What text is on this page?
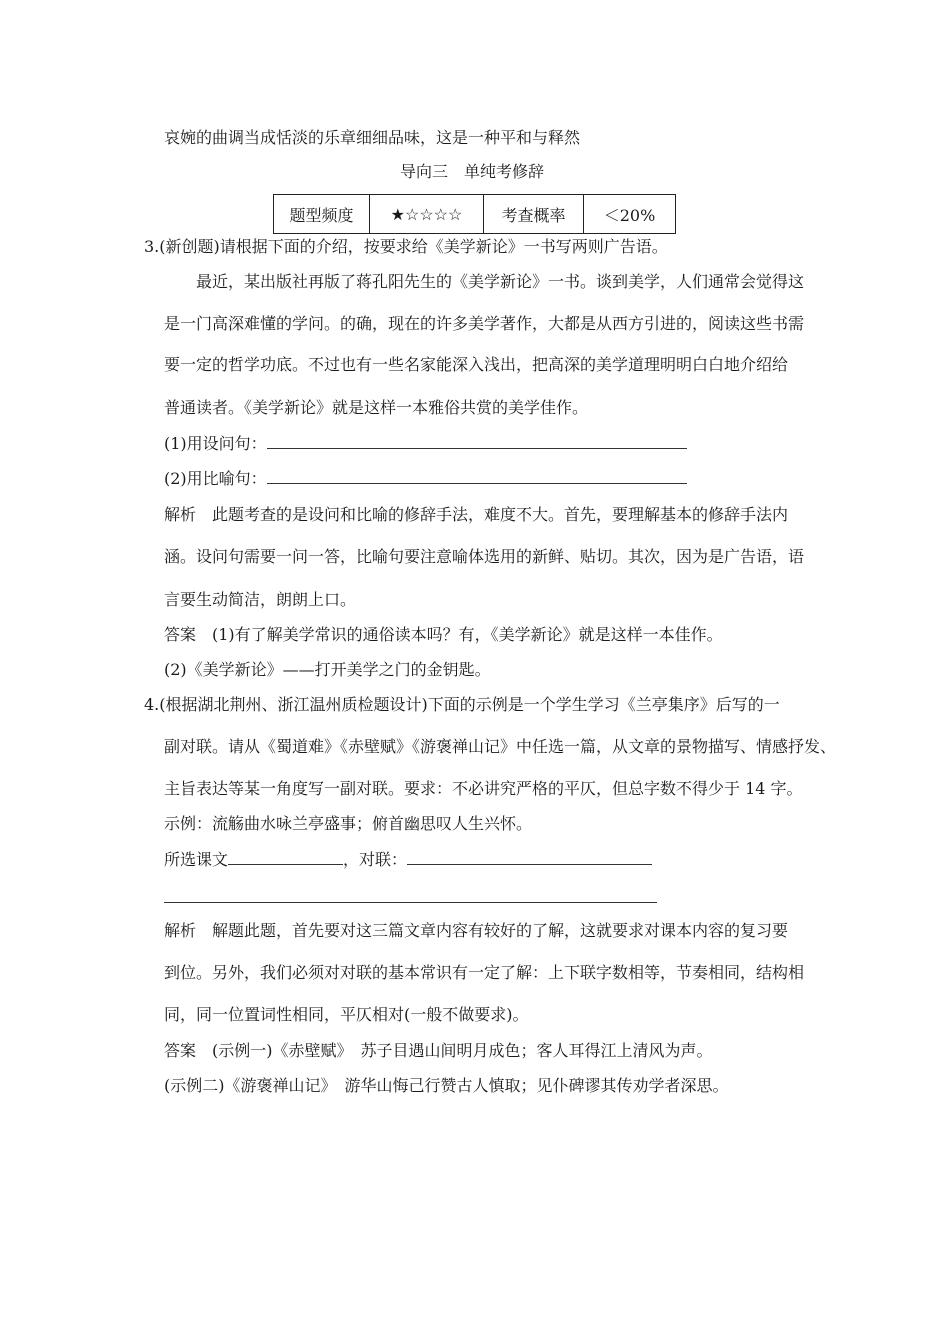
哀婉的曲调当成恬淡的乐章细细品味，这是一种平和与释然
导向三　单纯考修辞
题型频度	★☆☆☆☆	考查概率	＜20%
3.(新创题)请根据下面的介绍，按要求给《美学新论》一书写两则广告语。
最近，某出版社再版了蒋孔阳先生的《美学新论》一书。谈到美学，人们通常会觉得这
是一门高深难懂的学问。的确，现在的许多美学著作，大都是从西方引进的，阅读这些书需
要一定的哲学功底。不过也有一些名家能深入浅出，把高深的美学道理明明白白地介绍给
普通读者。《美学新论》就是这样一本雅俗共赏的美学佳作。
(1)用设问句：
(2)用比喻句：
解析　此题考查的是设问和比喻的修辞手法，难度不大。首先，要理解基本的修辞手法内
涵。设问句需要一问一答，比喻句要注意喻体选用的新鲜、贴切。其次，因为是广告语，语
言要生动简洁，朗朗上口。
答案　(1)有了解美学常识的通俗读本吗？有，《美学新论》就是这样一本佳作。
(2)《美学新论》——打开美学之门的金钥匙。
4.(根据湖北荆州、浙江温州质检题设计)下面的示例是一个学生学习《兰亭集序》后写的一
副对联。请从《蜀道难》《赤壁赋》《游褒禅山记》中任选一篇，从文章的景物描写、情感抒发、
主旨表达等某一角度写一副对联。要求：不必讲究严格的平仄，但总字数不得少于 14 字。
示例：流觞曲水咏兰亭盛事；俯首幽思叹人生兴怀。
所选课文	，对联：
解析　解题此题，首先要对这三篇文章内容有较好的了解，这就要求对课本内容的复习要
到位。另外，我们必须对对联的基本常识有一定了解：上下联字数相等，节奏相同，结构相
同，同一位置词性相同，平仄相对(一般不做要求)。
答案　(示例一)《赤壁赋》　苏子目遇山间明月成色；客人耳得江上清风为声。
(示例二)《游褒禅山记》　游华山悔己行赞古人慎取；见仆碑谬其传劝学者深思。
